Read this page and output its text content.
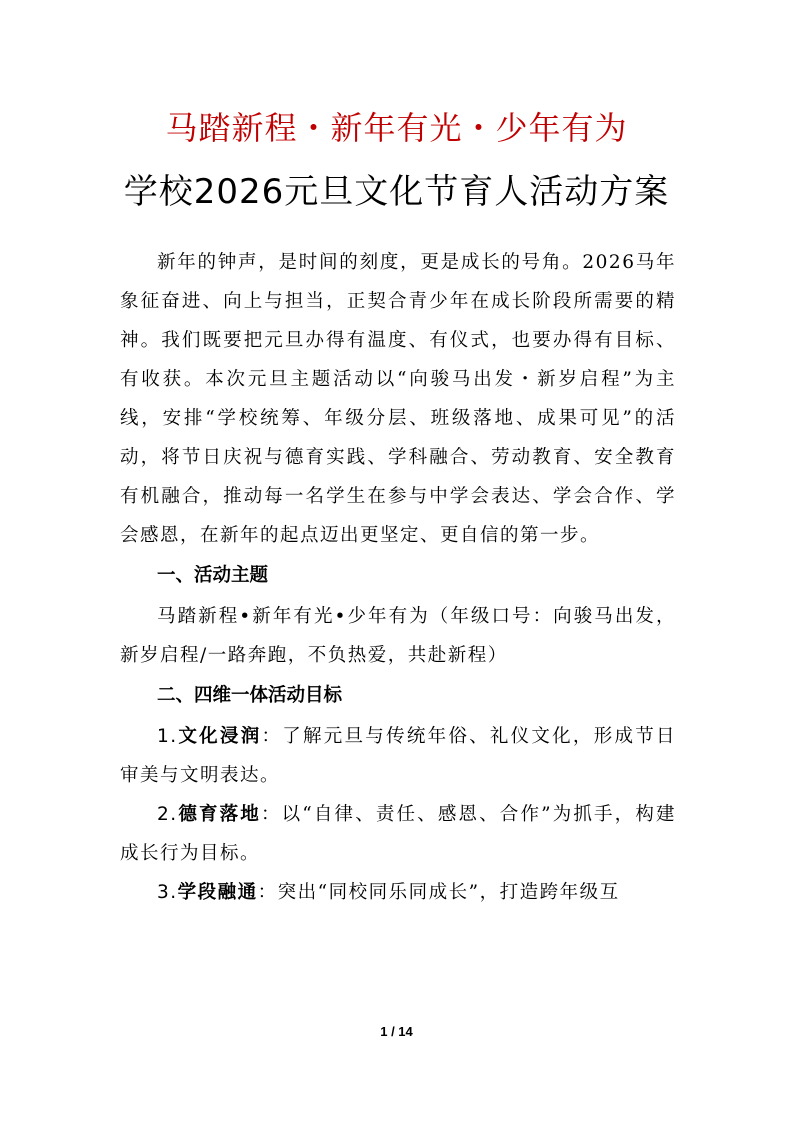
马踏新程・新年有光・少年有为
学校2026元旦文化节育人活动方案

新年的钟声，是时间的刻度，更是成长的号角。2026马年象征奋进、向上与担当，正契合青少年在成长阶段所需要的精神。我们既要把元旦办得有温度、有仪式，也要办得有目标、有收获。本次元旦主题活动以“向骏马出发・新岁启程”为主线，安排“学校统筹、年级分层、班级落地、成果可见”的活动，将节日庆祝与德育实践、学科融合、劳动教育、安全教育有机融合，推动每一名学生在参与中学会表达、学会合作、学会感恩，在新年的起点迈出更坚定、更自信的第一步。

一、活动主题

马踏新程•新年有光•少年有为（年级口号：向骏马出发，新岁启程/一路奔跑，不负热爱，共赴新程）

二、四维一体活动目标

1.文化浸润：了解元旦与传统年俗、礼仪文化，形成节日审美与文明表达。

2.德育落地：以“自律、责任、感恩、合作”为抓手，构建成长行为目标。

3.学段融通：突出“同校同乐同成长”，打造跨年级互

1 / 14
